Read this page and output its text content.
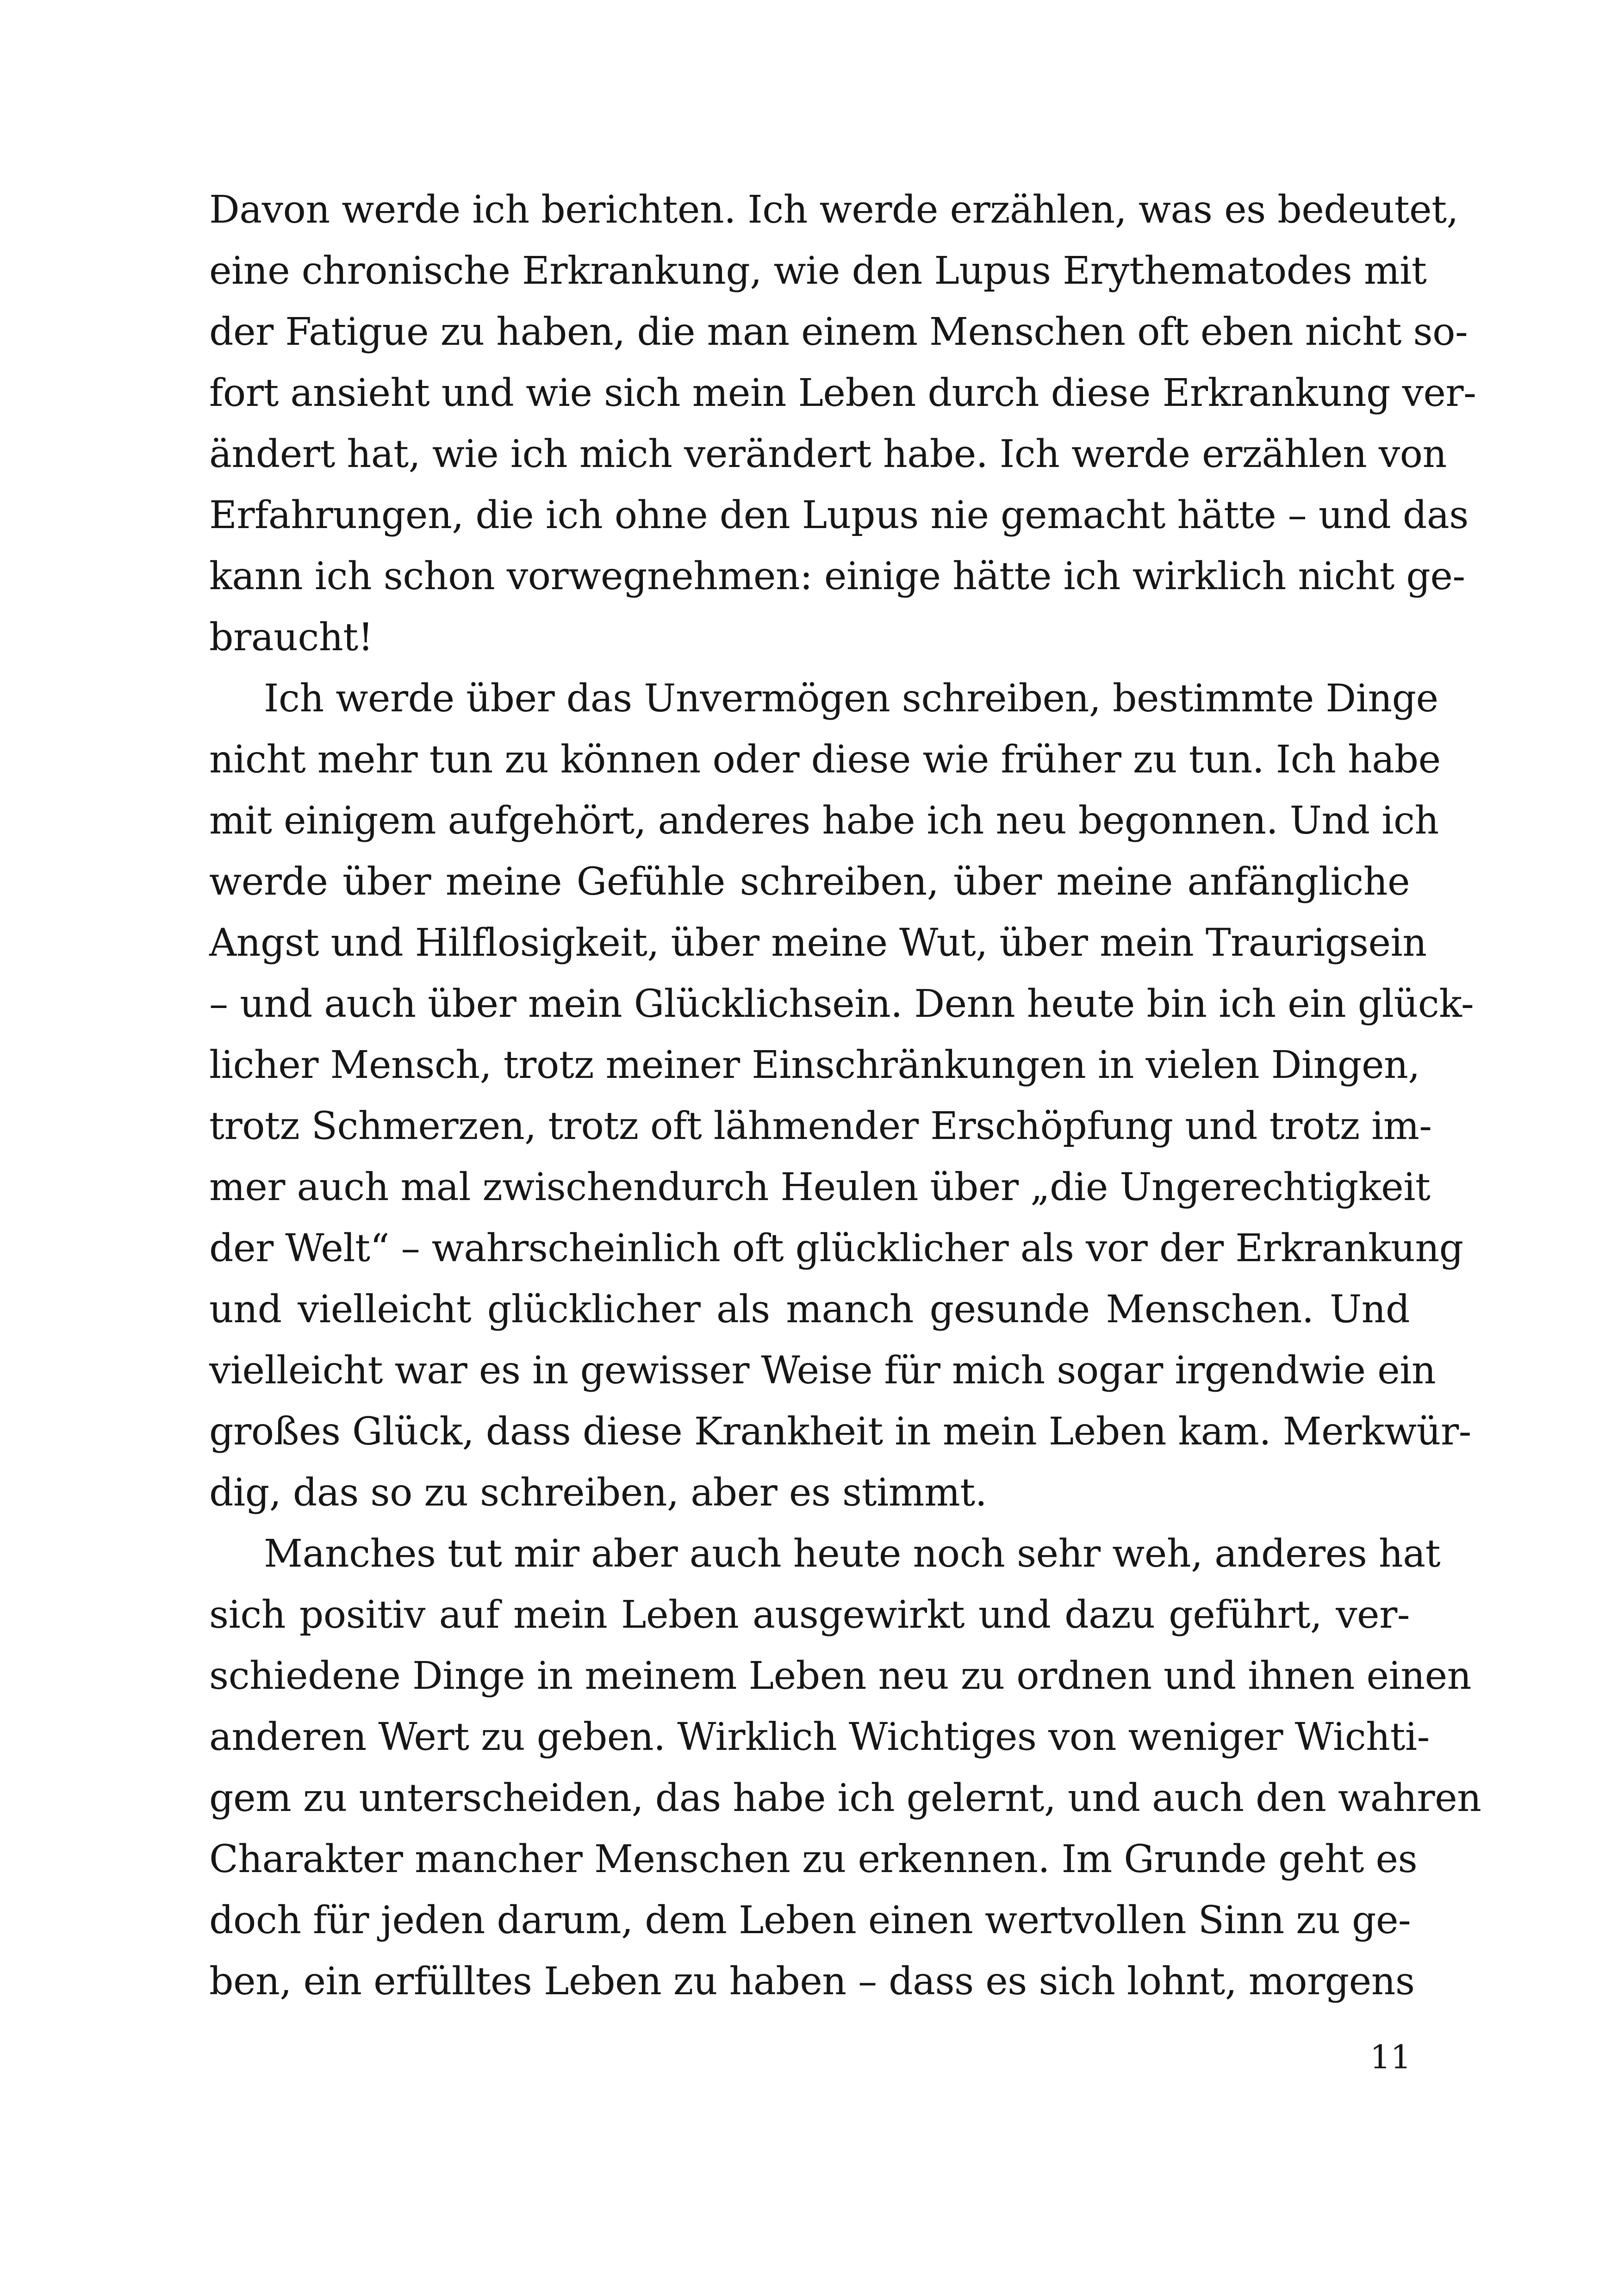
Davon werde ich berichten. Ich werde erzählen, was es bedeutet,
eine chronische Erkrankung, wie den Lupus Erythematodes mit
der Fatigue zu haben, die man einem Menschen oft eben nicht so-
fort ansieht und wie sich mein Leben durch diese Erkrankung ver-
ändert hat, wie ich mich verändert habe. Ich werde erzählen von
Erfahrungen, die ich ohne den Lupus nie gemacht hätte – und das
kann ich schon vorwegnehmen: einige hätte ich wirklich nicht ge-
braucht!
Ich werde über das Unvermögen schreiben, bestimmte Dinge
nicht mehr tun zu können oder diese wie früher zu tun. Ich habe
mit einigem aufgehört, anderes habe ich neu begonnen. Und ich
werde über meine Gefühle schreiben, über meine anfängliche
Angst und Hilflosigkeit, über meine Wut, über mein Traurigsein
– und auch über mein Glücklichsein. Denn heute bin ich ein glück-
licher Mensch, trotz meiner Einschränkungen in vielen Dingen,
trotz Schmerzen, trotz oft lähmender Erschöpfung und trotz im-
mer auch mal zwischendurch Heulen über „die Ungerechtigkeit
der Welt“ – wahrscheinlich oft glücklicher als vor der Erkrankung
und vielleicht glücklicher als manch gesunde Menschen. Und
vielleicht war es in gewisser Weise für mich sogar irgendwie ein
großes Glück, dass diese Krankheit in mein Leben kam. Merkwür-
dig, das so zu schreiben, aber es stimmt.
Manches tut mir aber auch heute noch sehr weh, anderes hat
sich positiv auf mein Leben ausgewirkt und dazu geführt, ver-
schiedene Dinge in meinem Leben neu zu ordnen und ihnen einen
anderen Wert zu geben. Wirklich Wichtiges von weniger Wichti-
gem zu unterscheiden, das habe ich gelernt, und auch den wahren
Charakter mancher Menschen zu erkennen. Im Grunde geht es
doch für jeden darum, dem Leben einen wertvollen Sinn zu ge-
ben, ein erfülltes Leben zu haben – dass es sich lohnt, morgens
11
